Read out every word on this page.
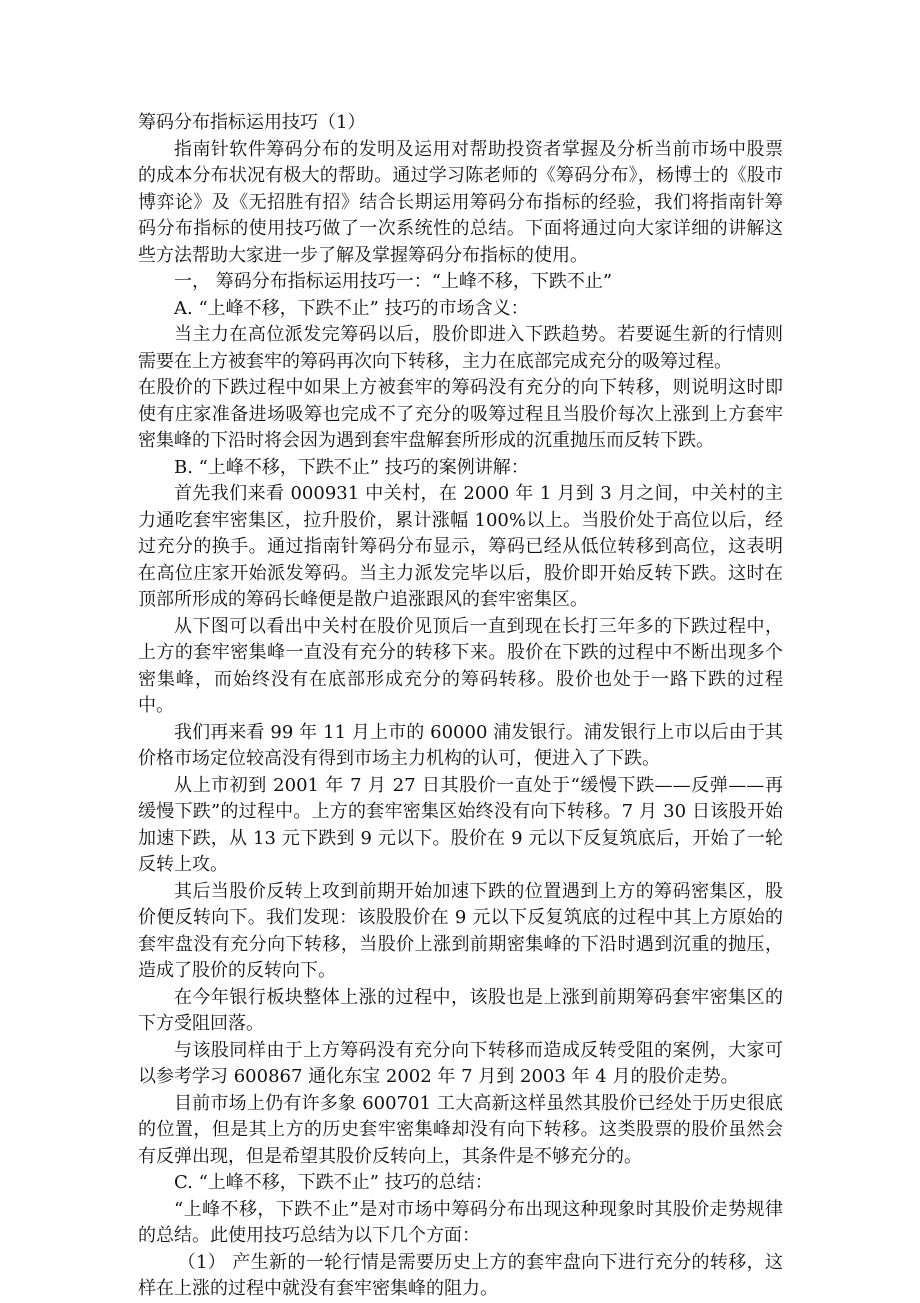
筹码分布指标运用技巧（1）

指南针软件筹码分布的发明及运用对帮助投资者掌握及分析当前市场中股票的成本分布状况有极大的帮助。通过学习陈老师的《筹码分布》，杨博士的《股市博弈论》及《无招胜有招》结合长期运用筹码分布指标的经验，我们将指南针筹码分布指标的使用技巧做了一次系统性的总结。下面将通过向大家详细的讲解这些方法帮助大家进一步了解及掌握筹码分布指标的使用。

一， 筹码分布指标运用技巧一：“上峰不移，下跌不止”

A. “上峰不移，下跌不止” 技巧的市场含义：

当主力在高位派发完筹码以后，股价即进入下跌趋势。若要诞生新的行情则需要在上方被套牢的筹码再次向下转移，主力在底部完成充分的吸筹过程。

在股价的下跌过程中如果上方被套牢的筹码没有充分的向下转移，则说明这时即使有庄家准备进场吸筹也完成不了充分的吸筹过程且当股价每次上涨到上方套牢密集峰的下沿时将会因为遇到套牢盘解套所形成的沉重抛压而反转下跌。

B. “上峰不移，下跌不止” 技巧的案例讲解：

首先我们来看 000931 中关村，在 2000 年 1 月到 3 月之间，中关村的主力通吃套牢密集区，拉升股价，累计涨幅 100%以上。当股价处于高位以后，经过充分的换手。通过指南针筹码分布显示，筹码已经从低位转移到高位，这表明在高位庄家开始派发筹码。当主力派发完毕以后，股价即开始反转下跌。这时在顶部所形成的筹码长峰便是散户追涨跟风的套牢密集区。

从下图可以看出中关村在股价见顶后一直到现在长打三年多的下跌过程中，上方的套牢密集峰一直没有充分的转移下来。股价在下跌的过程中不断出现多个密集峰，而始终没有在底部形成充分的筹码转移。股价也处于一路下跌的过程中。

我们再来看 99 年 11 月上市的 60000 浦发银行。浦发银行上市以后由于其价格市场定位较高没有得到市场主力机构的认可，便进入了下跌。

从上市初到 2001 年 7 月 27 日其股价一直处于“缓慢下跌——反弹——再缓慢下跌”的过程中。上方的套牢密集区始终没有向下转移。7 月 30 日该股开始加速下跌，从 13 元下跌到 9 元以下。股价在 9 元以下反复筑底后，开始了一轮反转上攻。

其后当股价反转上攻到前期开始加速下跌的位置遇到上方的筹码密集区，股价便反转向下。我们发现：该股股价在 9 元以下反复筑底的过程中其上方原始的套牢盘没有充分向下转移，当股价上涨到前期密集峰的下沿时遇到沉重的抛压，造成了股价的反转向下。

在今年银行板块整体上涨的过程中，该股也是上涨到前期筹码套牢密集区的下方受阻回落。

与该股同样由于上方筹码没有充分向下转移而造成反转受阻的案例，大家可以参考学习 600867 通化东宝 2002 年 7 月到 2003 年 4 月的股价走势。

目前市场上仍有许多象 600701 工大高新这样虽然其股价已经处于历史很底的位置，但是其上方的历史套牢密集峰却没有向下转移。这类股票的股价虽然会有反弹出现，但是希望其股价反转向上，其条件是不够充分的。

C. “上峰不移，下跌不止” 技巧的总结：

“上峰不移，下跌不止”是对市场中筹码分布出现这种现象时其股价走势规律的总结。此使用技巧总结为以下几个方面：

（1） 产生新的一轮行情是需要历史上方的套牢盘向下进行充分的转移，这样在上涨的过程中就没有套牢密集峰的阻力。
